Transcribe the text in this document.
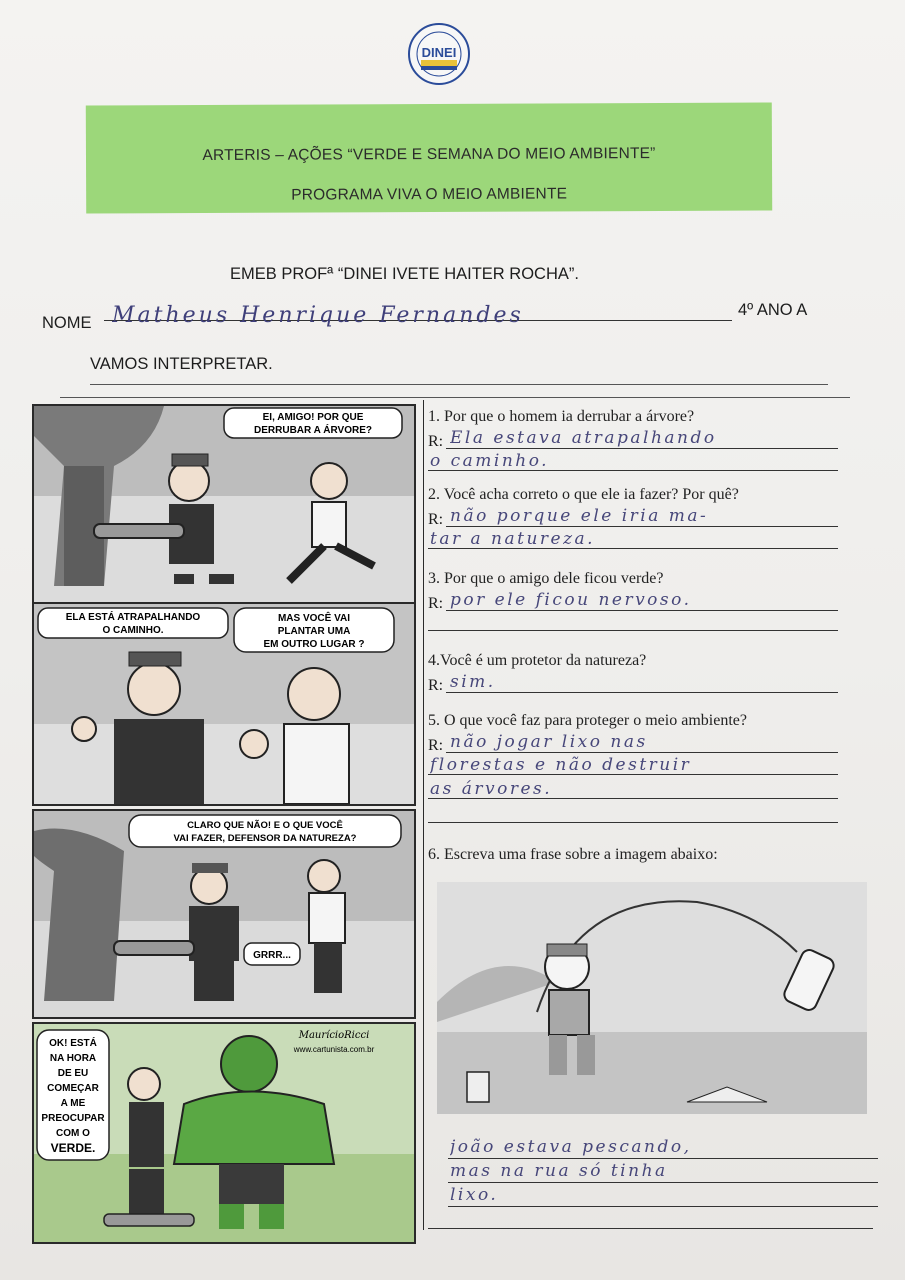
DINEI
ARTERIS – AÇÕES “VERDE E SEMANA DO MEIO AMBIENTE”
PROGRAMA VIVA O MEIO AMBIENTE
EMEB PROFª “DINEI IVETE HAITER ROCHA”.
NOME Matheus Henrique Fernandes	4º ANO A
VAMOS INTERPRETAR.
EI, AMIGO! POR QUE
DERRUBAR A ÁRVORE?
ELA ESTÁ ATRAPALHANDO
O CAMINHO.
MAS VOCÊ VAI
PLANTAR UMA
EM OUTRO LUGAR ?
CLARO QUE NÃO! E O QUE VOCÊ
VAI FAZER, DEFENSOR DA NATUREZA?
GRRR...
OK! ESTÁ
NA HORA
DE EU
COMEÇAR
A ME
PREOCUPAR
COM O
VERDE.
MaurícioRicci
www.cartunista.com.br
1. Por que o homem ia derrubar a árvore?
R: Ela estava atrapalhando
o caminho.
2. Você acha correto o que ele ia fazer? Por quê?
R: não porque ele iria ma-
tar a natureza.
3. Por que o amigo dele ficou verde?
R: por ele ficou nervoso.
4.Você é um protetor da natureza?
R: sim.
5. O que você faz para proteger o meio ambiente?
R: não jogar lixo nas
florestas e não destruir
as árvores.
6. Escreva uma frase sobre a imagem abaixo:
joão estava pescando,
mas na rua só tinha
lixo.
